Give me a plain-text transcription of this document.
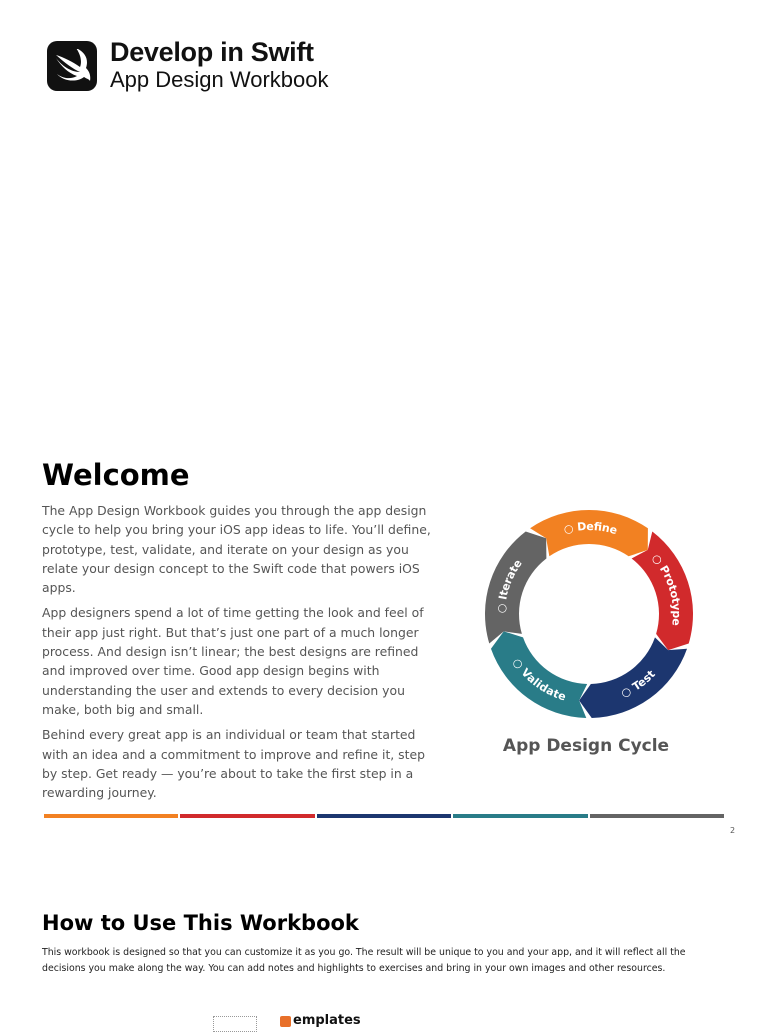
Develop in Swift
App Design Workbook
Welcome

The App Design Workbook guides you through the app design cycle to help you bring your iOS app ideas to life. You’ll define, prototype, test, validate, and iterate on your design as you relate your design concept to the Swift code that powers iOS apps.

App designers spend a lot of time getting the look and feel of their app just right. But that’s just one part of a much longer process. And design isn’t linear; the best designs are refined and improved over time. Good app design begins with understanding the user and extends to every decision you make, both big and small.

Behind every great app is an individual or team that started with an idea and a commitment to improve and refine it, step by step. Get ready — you’re about to take the first step in a rewarding journey.

○ Define
○ Prototype
○ Test
○ Validate
○ Iterate

App Design Cycle

2
How to Use This Workbook

This workbook is designed so that you can customize it as you go. The result will be unique to you and your app, and it will reflect all the decisions you make along the way. You can add notes and highlights to exercises and bring in your own images and other resources.

emplates
